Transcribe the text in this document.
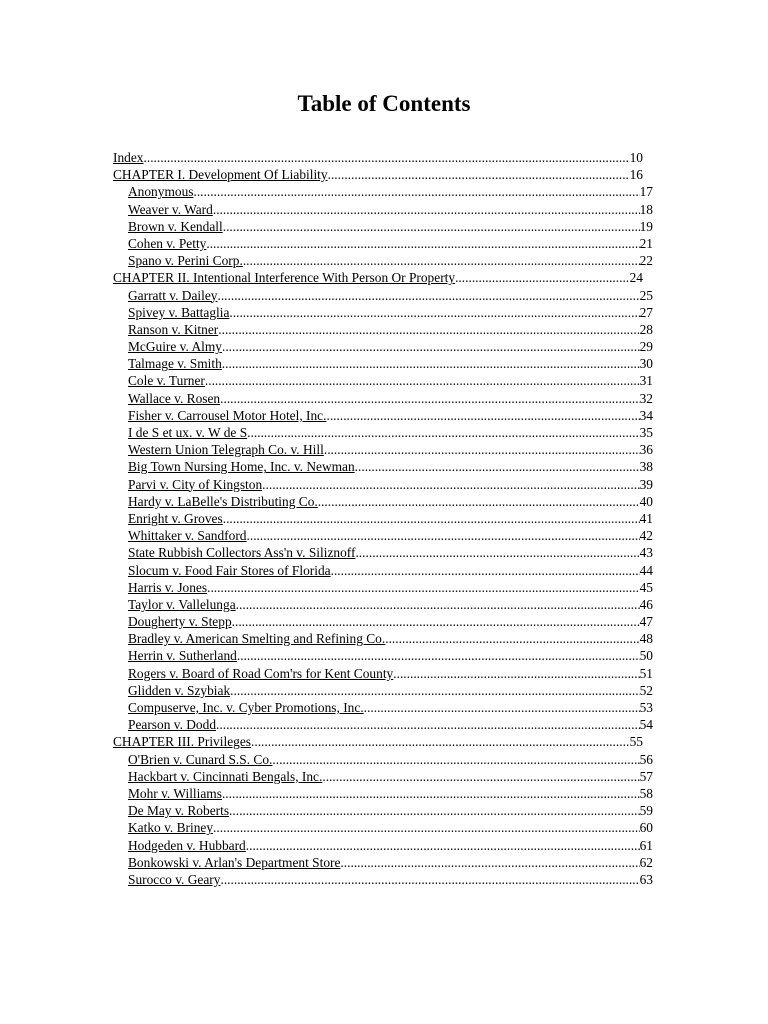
Table of Contents
Index .....	10
CHAPTER I. Development Of Liability .....	16
Anonymous .....	17
Weaver v. Ward .....	18
Brown v. Kendall .....	19
Cohen v. Petty .....	21
Spano v. Perini Corp. .....	22
CHAPTER II. Intentional Interference With Person Or Property .....	24
Garratt v. Dailey .....	25
Spivey v. Battaglia .....	27
Ranson v. Kitner .....	28
McGuire v. Almy .....	29
Talmage v. Smith .....	30
Cole v. Turner .....	31
Wallace v. Rosen .....	32
Fisher v. Carrousel Motor Hotel, Inc. .....	34
I de S et ux. v. W de S .....	35
Western Union Telegraph Co. v. Hill .....	36
Big Town Nursing Home, Inc. v. Newman .....	38
Parvi v. City of Kingston .....	39
Hardy v. LaBelle's Distributing Co. .....	40
Enright v. Groves .....	41
Whittaker v. Sandford .....	42
State Rubbish Collectors Ass'n v. Siliznoff .....	43
Slocum v. Food Fair Stores of Florida .....	44
Harris v. Jones .....	45
Taylor v. Vallelunga .....	46
Dougherty v. Stepp .....	47
Bradley v. American Smelting and Refining Co. .....	48
Herrin v. Sutherland .....	50
Rogers v. Board of Road Com'rs for Kent County .....	51
Glidden v. Szybiak .....	52
Compuserve, Inc. v. Cyber Promotions, Inc. .....	53
Pearson v. Dodd .....	54
CHAPTER III. Privileges .....	55
O'Brien v. Cunard S.S. Co. .....	56
Hackbart v. Cincinnati Bengals, Inc. .....	57
Mohr v. Williams .....	58
De May v. Roberts .....	59
Katko v. Briney .....	60
Hodgeden v. Hubbard .....	61
Bonkowski v. Arlan's Department Store .....	62
Surocco v. Geary .....	63
